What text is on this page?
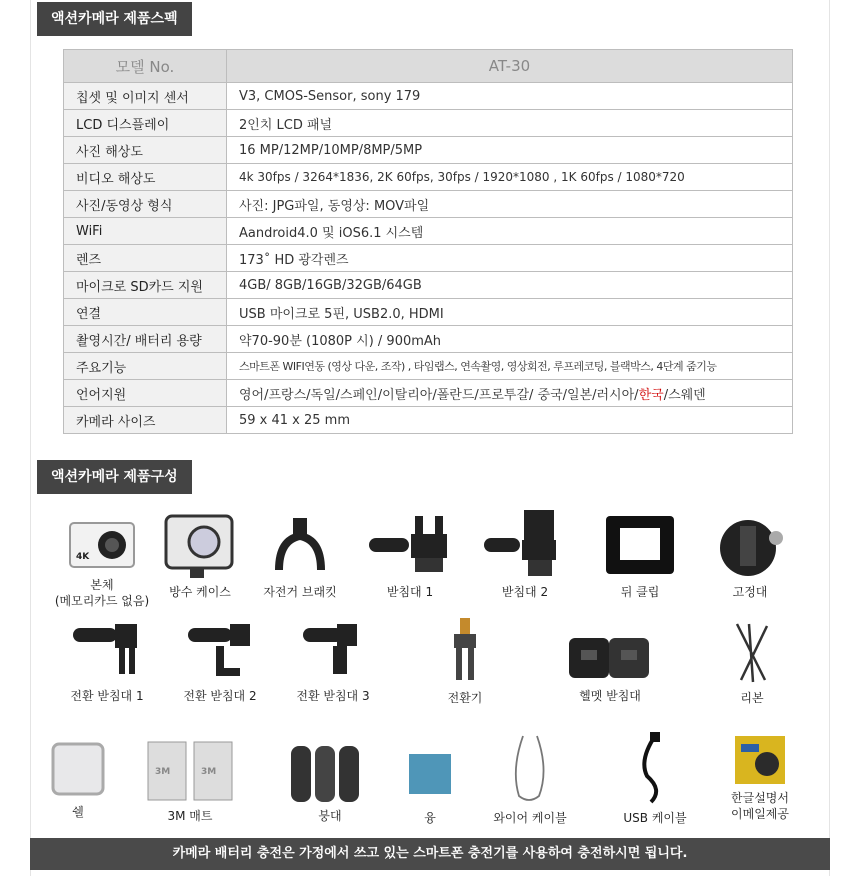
액션카메라 제품스펙
모델 No.	AT-30
칩셋 및 이미지 센서	V3, CMOS-Sensor, sony 179
LCD 디스플레이	2인치 LCD 패널
사진 해상도	16 MP/12MP/10MP/8MP/5MP
비디오 해상도	4k 30fps / 3264*1836, 2K 60fps, 30fps / 1920*1080 , 1K 60fps / 1080*720
사진/동영상 형식	사진: JPG파일, 동영상: MOV파일
WiFi	Aandroid4.0 및 iOS6.1 시스템
렌즈	173˚ HD 광각렌즈
마이크로 SD카드 지원	4GB/ 8GB/16GB/32GB/64GB
연결	USB 마이크로 5핀, USB2.0, HDMI
촬영시간/ 배터리 용량	약70-90분 (1080P 시) / 900mAh
주요기능	스마트폰 WIFI연동 (영상 다운, 조작) , 타임랩스, 연속촬영, 영상회전, 루프레코팅, 블랙박스, 4단계 줌기능
언어지원	영어/프랑스/독일/스페인/이탈리아/폴란드/프로투갈/ 중국/일본/러시아/한국/스웨덴
카메라 사이즈	59 x 41 x 25 mm
액션카메라 제품구성
4K
본체
(메모리카드 없음)
방수 케이스	자전거 브래킷	받침대 1	받침대 2	뒤 클립	고정대
전환 받침대 1	전환 받침대 2	전환 받침대 3	전환기	헬멧 받침대	리본
쉘
3M	3M
3M 매트	붕대	융	와이어 케이블	USB 케이블
한글설명서
이메일제공
카메라 배터리 충전은 가정에서 쓰고 있는 스마트폰 충전기를 사용하여 충전하시면 됩니다.
